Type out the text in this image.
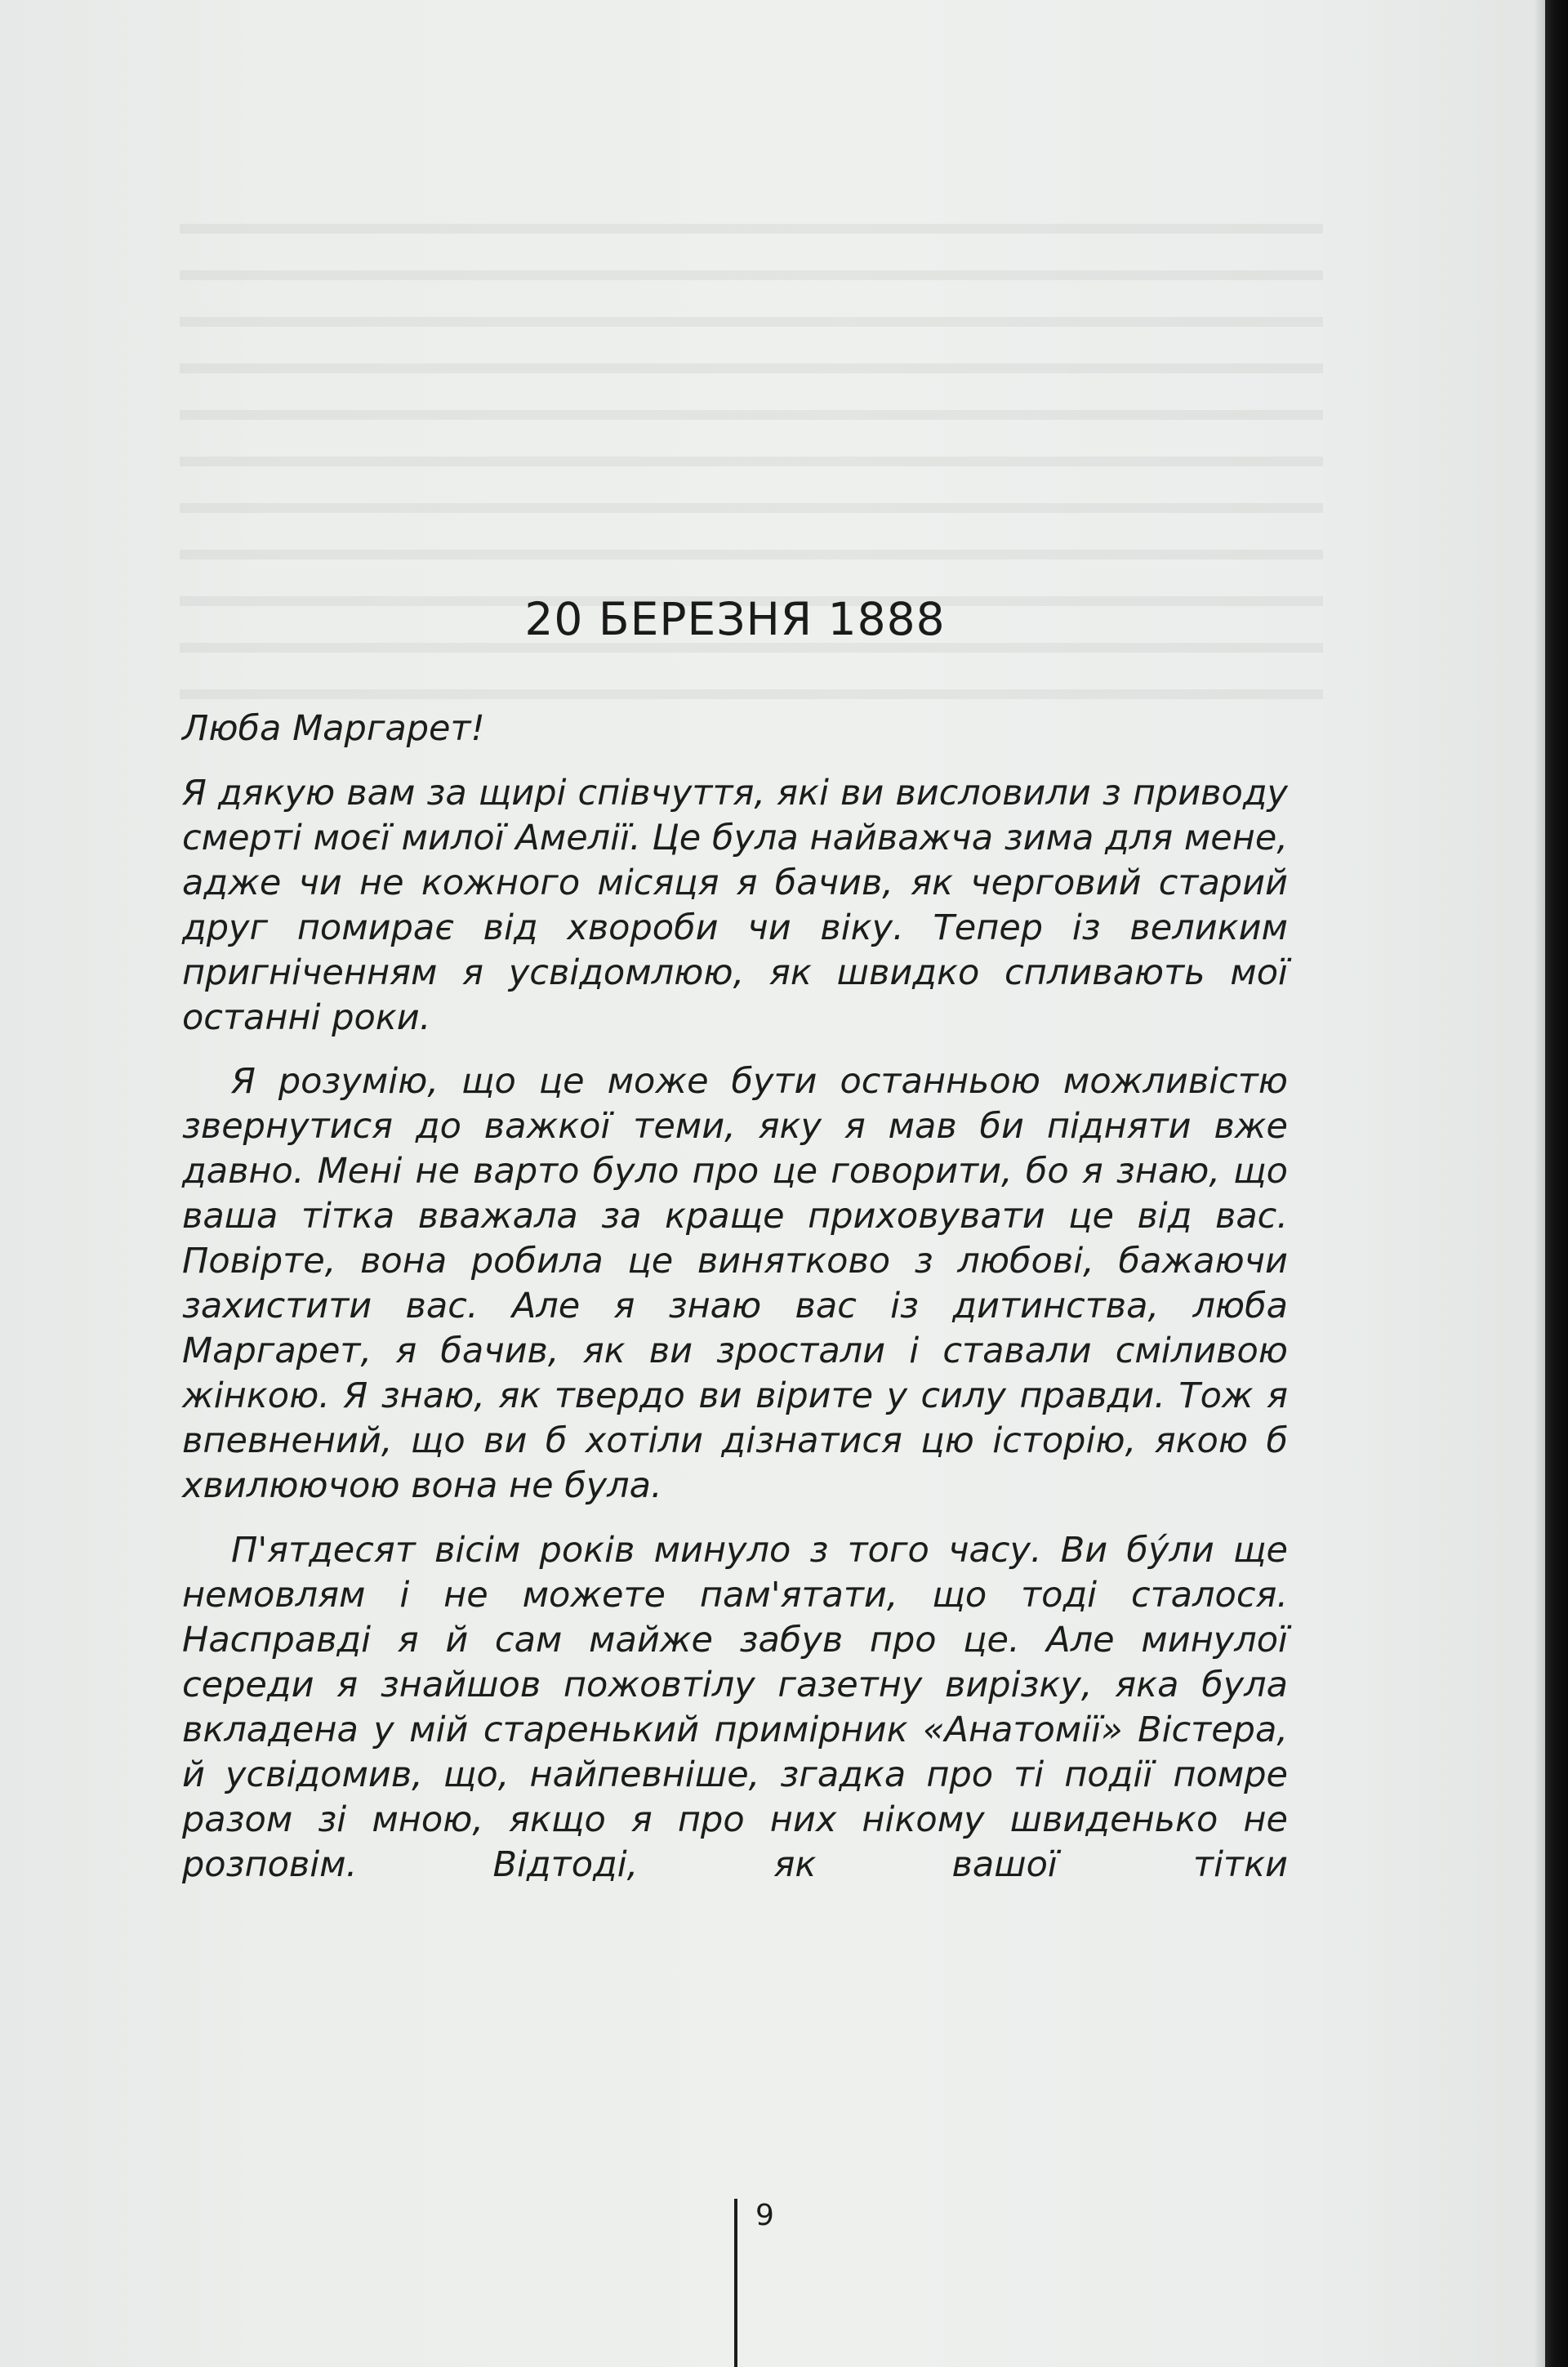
20 БЕРЕЗНЯ 1888

Люба Маргарет!

Я дякую вам за щирі співчуття, які ви висловили з приводу смерті моєї милої Амелії. Це була найважча зима для мене, адже чи не кожного місяця я бачив, як черговий старий друг помирає від хвороби чи віку. Тепер із великим пригніченням я усвідомлюю, як швидко спливають мої останні роки.

Я розумію, що це може бути останньою можливістю звернутися до важкої теми, яку я мав би підняти вже давно. Мені не варто було про це говорити, бо я знаю, що ваша тітка вважала за краще приховувати це від вас. Повірте, вона робила це винятково з любові, бажаючи захистити вас. Але я знаю вас із дитинства, люба Маргарет, я бачив, як ви зростали і ставали сміливою жінкою. Я знаю, як твердо ви вірите у силу правди. Тож я впевнений, що ви б хотіли дізнатися цю історію, якою б хвилюючою вона не була.

П'ятдесят вісім років минуло з того часу. Ви бу́ли ще немовлям і не можете пам'ятати, що тоді сталося. Насправді я й сам майже забув про це. Але минулої середи я знайшов пожовтілу газетну вирізку, яка була вкладена у мій старенький примірник «Анатомії» Вістера, й усвідомив, що, найпевніше, згадка про ті події помре разом зі мною, якщо я про них нікому швиденько не розповім. Відтоді, як вашої тітки

9
